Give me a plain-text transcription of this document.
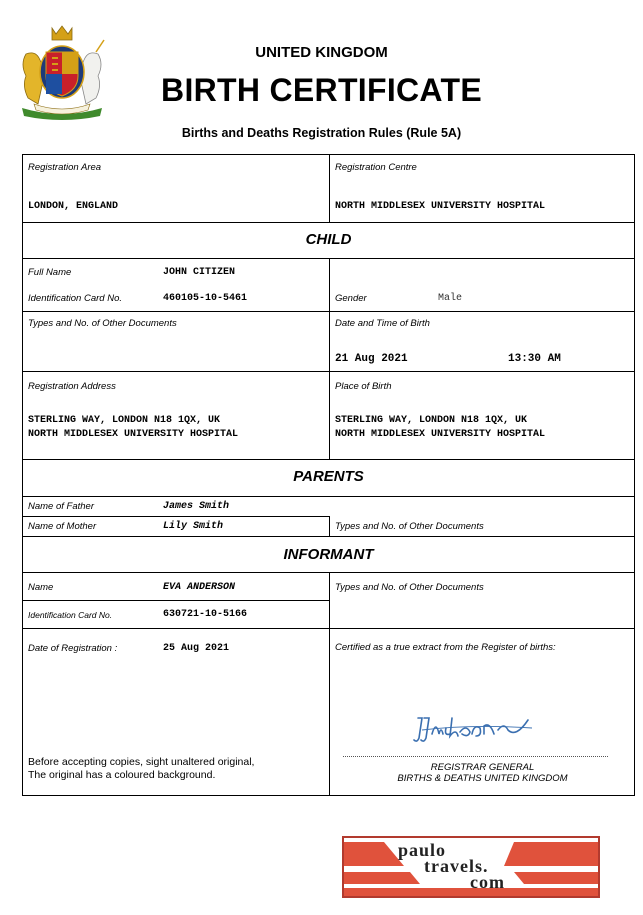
UNITED KINGDOM
BIRTH CERTIFICATE
Births and Deaths Registration Rules (Rule 5A)
Registration Area
LONDON, ENGLAND
Registration Centre
NORTH MIDDLESEX UNIVERSITY HOSPITAL
CHILD
Full Name	JOHN CITIZEN
Identification Card No.	460105-10-5461	Gender	Male
Types and No. of Other Documents	Date and Time of Birth
21 Aug 2021	13:30 AM
Registration Address
STERLING WAY, LONDON N18 1QX, UK
NORTH MIDDLESEX UNIVERSITY HOSPITAL
Place of Birth
STERLING WAY, LONDON N18 1QX, UK
NORTH MIDDLESEX UNIVERSITY HOSPITAL
PARENTS
Name of Father	James Smith
Name of Mother	Lily Smith	Types and No. of Other Documents
INFORMANT
Name	EVA ANDERSON
Identification Card No.	630721-10-5166
Types and No. of Other Documents
Date of Registration :	25 Aug 2021	Certified as a true extract from the Register of births:
Before accepting copies, sight unaltered original,
The original has a coloured background.
REGISTRAR GENERAL
BIRTHS & DEATHS UNITED KINGDOM
paulo
travels.
com
